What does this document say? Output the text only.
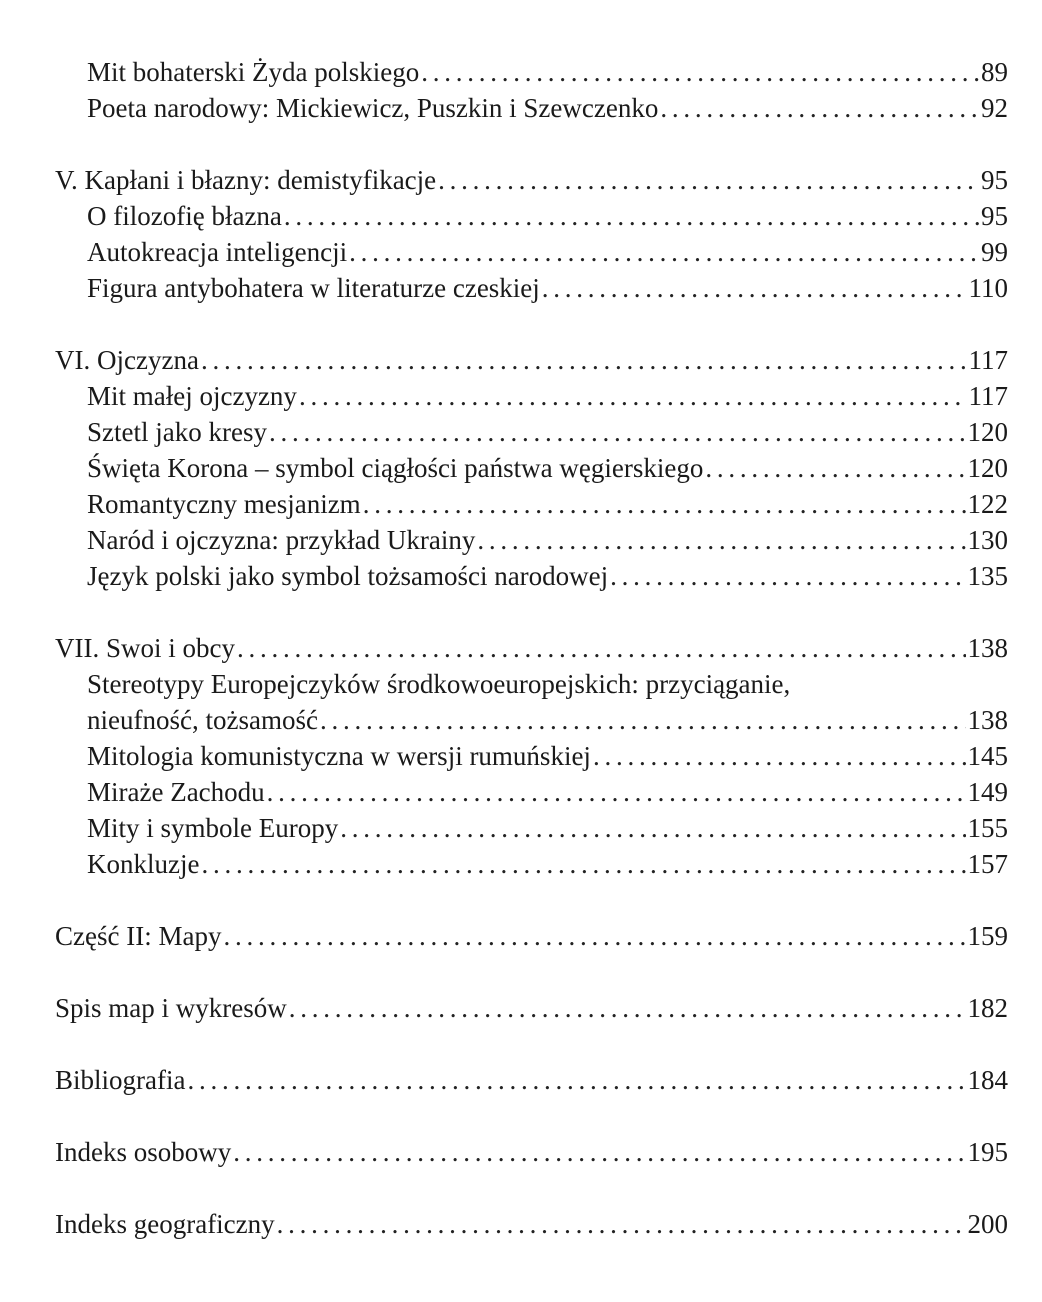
Mit bohaterski Żyda polskiego . . .	89
Poeta narodowy: Mickiewicz, Puszkin i Szewczenko . . .	92
V. Kapłani i błazny: demistyfikacje . . .	95
O filozofię błazna . . .	95
Autokreacja inteligencji . . .	99
Figura antybohatera w literaturze czeskiej . . .	110
VI. Ojczyzna . . .	117
Mit małej ojczyzny . . .	117
Sztetl jako kresy . . .	120
Święta Korona – symbol ciągłości państwa węgierskiego . . .	120
Romantyczny mesjanizm . . .	122
Naród i ojczyzna: przykład Ukrainy . . .	130
Język polski jako symbol tożsamości narodowej . . .	135
VII. Swoi i obcy . . .	138
Stereotypy Europejczyków środkowoeuropejskich: przyciąganie,
nieufność, tożsamość . . .	138
Mitologia komunistyczna w wersji rumuńskiej . . .	145
Miraże Zachodu . . .	149
Mity i symbole Europy . . .	155
Konkluzje . . .	157
Część II: Mapy . . .	159
Spis map i wykresów . . .	182
Bibliografia . . .	184
Indeks osobowy . . .	195
Indeks geograficzny . . .	200
